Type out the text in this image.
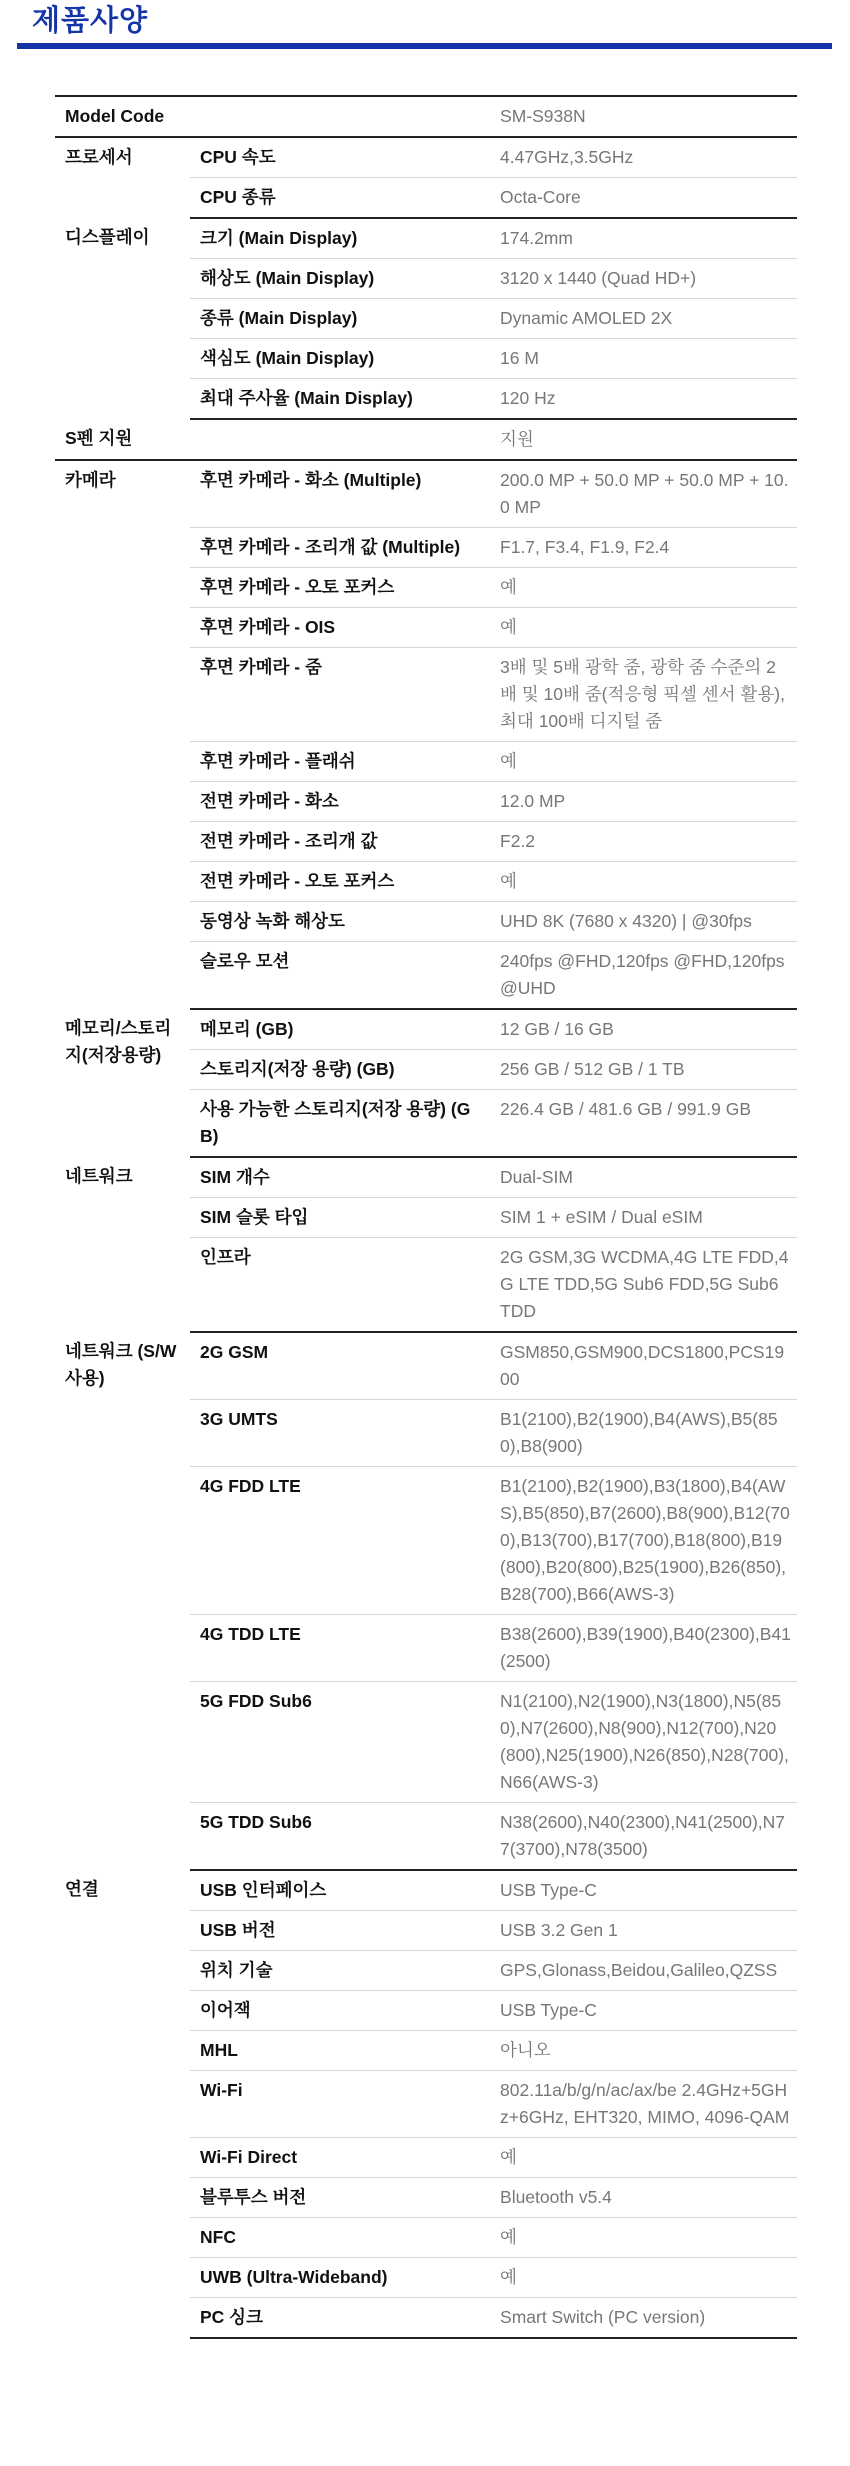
제품사양
Model Code		SM-S938N
프로세서	CPU 속도	4.47GHz,3.5GHz
	CPU 종류	Octa-Core
디스플레이	크기 (Main Display)	174.2mm
	해상도 (Main Display)	3120 x 1440 (Quad HD+)
	종류 (Main Display)	Dynamic AMOLED 2X
	색심도 (Main Display)	16 M
	최대 주사율 (Main Display)	120 Hz
S펜 지원		지원
카메라	후면 카메라 - 화소 (Multiple)	200.0 MP + 50.0 MP + 50.0 MP + 10.0 MP
	후면 카메라 - 조리개 값 (Multiple)	F1.7, F3.4, F1.9, F2.4
	후면 카메라 - 오토 포커스	예
	후면 카메라 - OIS	예
	후면 카메라 - 줌	3배 및 5배 광학 줌, 광학 줌 수준의 2배 및 10배 줌(적응형 픽셀 센서 활용), 최대 100배 디지털 줌
	후면 카메라 - 플래쉬	예
	전면 카메라 - 화소	12.0 MP
	전면 카메라 - 조리개 값	F2.2
	전면 카메라 - 오토 포커스	예
	동영상 녹화 해상도	UHD 8K (7680 x 4320) | @30fps
	슬로우 모션	240fps @FHD,120fps @FHD,120fps @UHD
메모리/스토리지(저장용량)	메모리 (GB)	12 GB / 16 GB
	스토리지(저장 용량) (GB)	256 GB / 512 GB / 1 TB
	사용 가능한 스토리지(저장 용량) (GB)	226.4 GB / 481.6 GB / 991.9 GB
네트워크	SIM 개수	Dual-SIM
	SIM 슬롯 타입	SIM 1 + eSIM / Dual eSIM
	인프라	2G GSM,3G WCDMA,4G LTE FDD,4G LTE TDD,5G Sub6 FDD,5G Sub6 TDD
네트워크 (S/W 사용)	2G GSM	GSM850,GSM900,DCS1800,PCS1900
	3G UMTS	B1(2100),B2(1900),B4(AWS),B5(850),B8(900)
	4G FDD LTE	B1(2100),B2(1900),B3(1800),B4(AWS),B5(850),B7(2600),B8(900),B12(700),B13(700),B17(700),B18(800),B19(800),B20(800),B25(1900),B26(850),B28(700),B66(AWS-3)
	4G TDD LTE	B38(2600),B39(1900),B40(2300),B41(2500)
	5G FDD Sub6	N1(2100),N2(1900),N3(1800),N5(850),N7(2600),N8(900),N12(700),N20(800),N25(1900),N26(850),N28(700),N66(AWS-3)
	5G TDD Sub6	N38(2600),N40(2300),N41(2500),N77(3700),N78(3500)
연결	USB 인터페이스	USB Type-C
	USB 버전	USB 3.2 Gen 1
	위치 기술	GPS,Glonass,Beidou,Galileo,QZSS
	이어잭	USB Type-C
	MHL	아니오
	Wi-Fi	802.11a/b/g/n/ac/ax/be 2.4GHz+5GHz+6GHz, EHT320, MIMO, 4096-QAM
	Wi-Fi Direct	예
	블루투스 버전	Bluetooth v5.4
	NFC	예
	UWB (Ultra-Wideband)	예
	PC 싱크	Smart Switch (PC version)
